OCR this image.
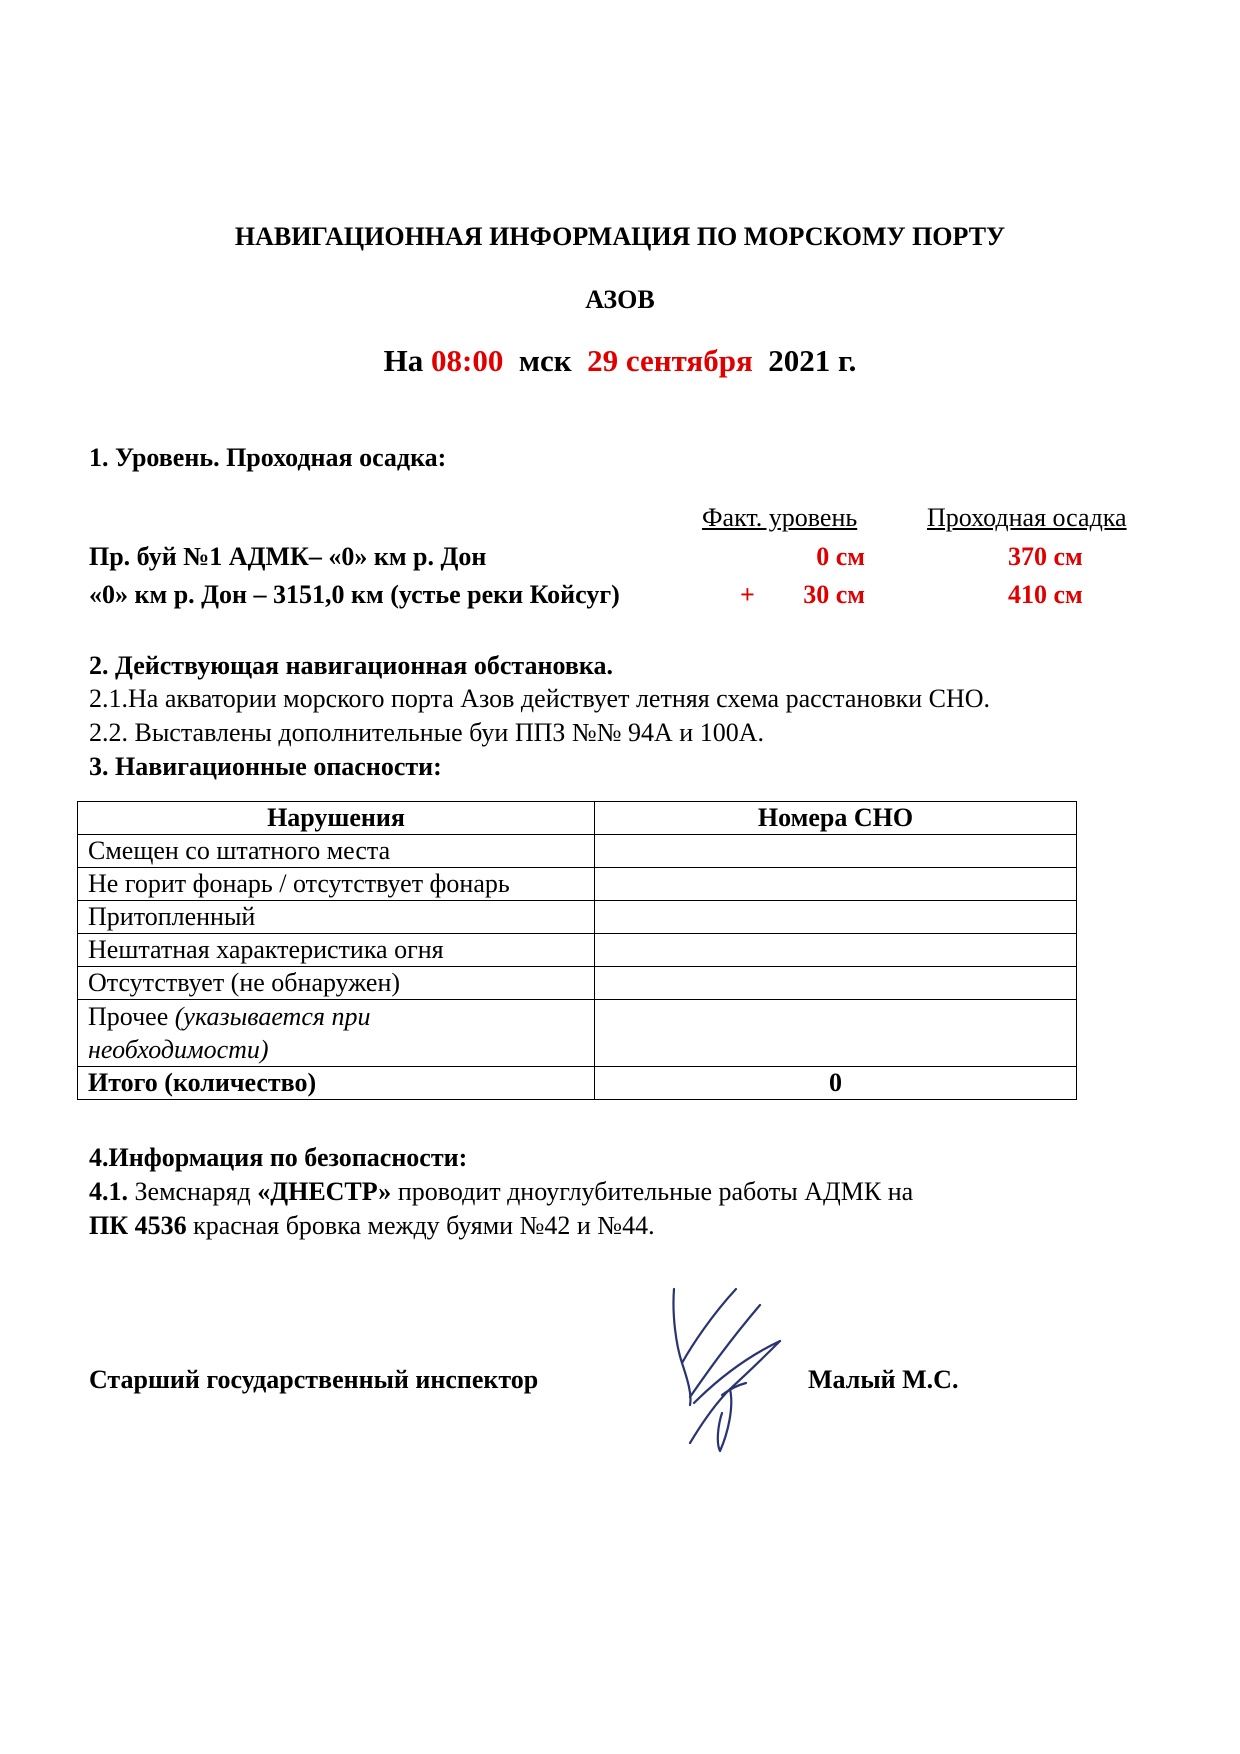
НАВИГАЦИОННАЯ ИНФОРМАЦИЯ ПО МОРСКОМУ ПОРТУ
АЗОВ
На 08:00 мск 29 сентября 2021 г.
1. Уровень. Проходная осадка:
Факт. уровень	Проходная осадка
Пр. буй №1 АДМК– «0» км р. Дон	0 см	370 см
«0» км р. Дон – 3151,0 км (устье реки Койсуг)	+	30 см	410 см
2. Действующая навигационная обстановка.
2.1.На акватории морского порта Азов действует летняя схема расстановки СНО.
2.2. Выставлены дополнительные буи ППЗ №№ 94А и 100А.
3. Навигационные опасности:
Нарушения	Номера СНО
Смещен со штатного места	
Не горит фонарь / отсутствует фонарь	
Притопленный	
Нештатная характеристика огня	
Отсутствует (не обнаружен)	
Прочее (указывается при
необходимости)	
Итого (количество)	0
4.Информация по безопасности:
4.1. Земснаряд «ДНЕСТР» проводит дноуглубительные работы АДМК на
ПК 4536 красная бровка между буями №42 и №44.
Старший государственный инспектор	Малый М.С.
